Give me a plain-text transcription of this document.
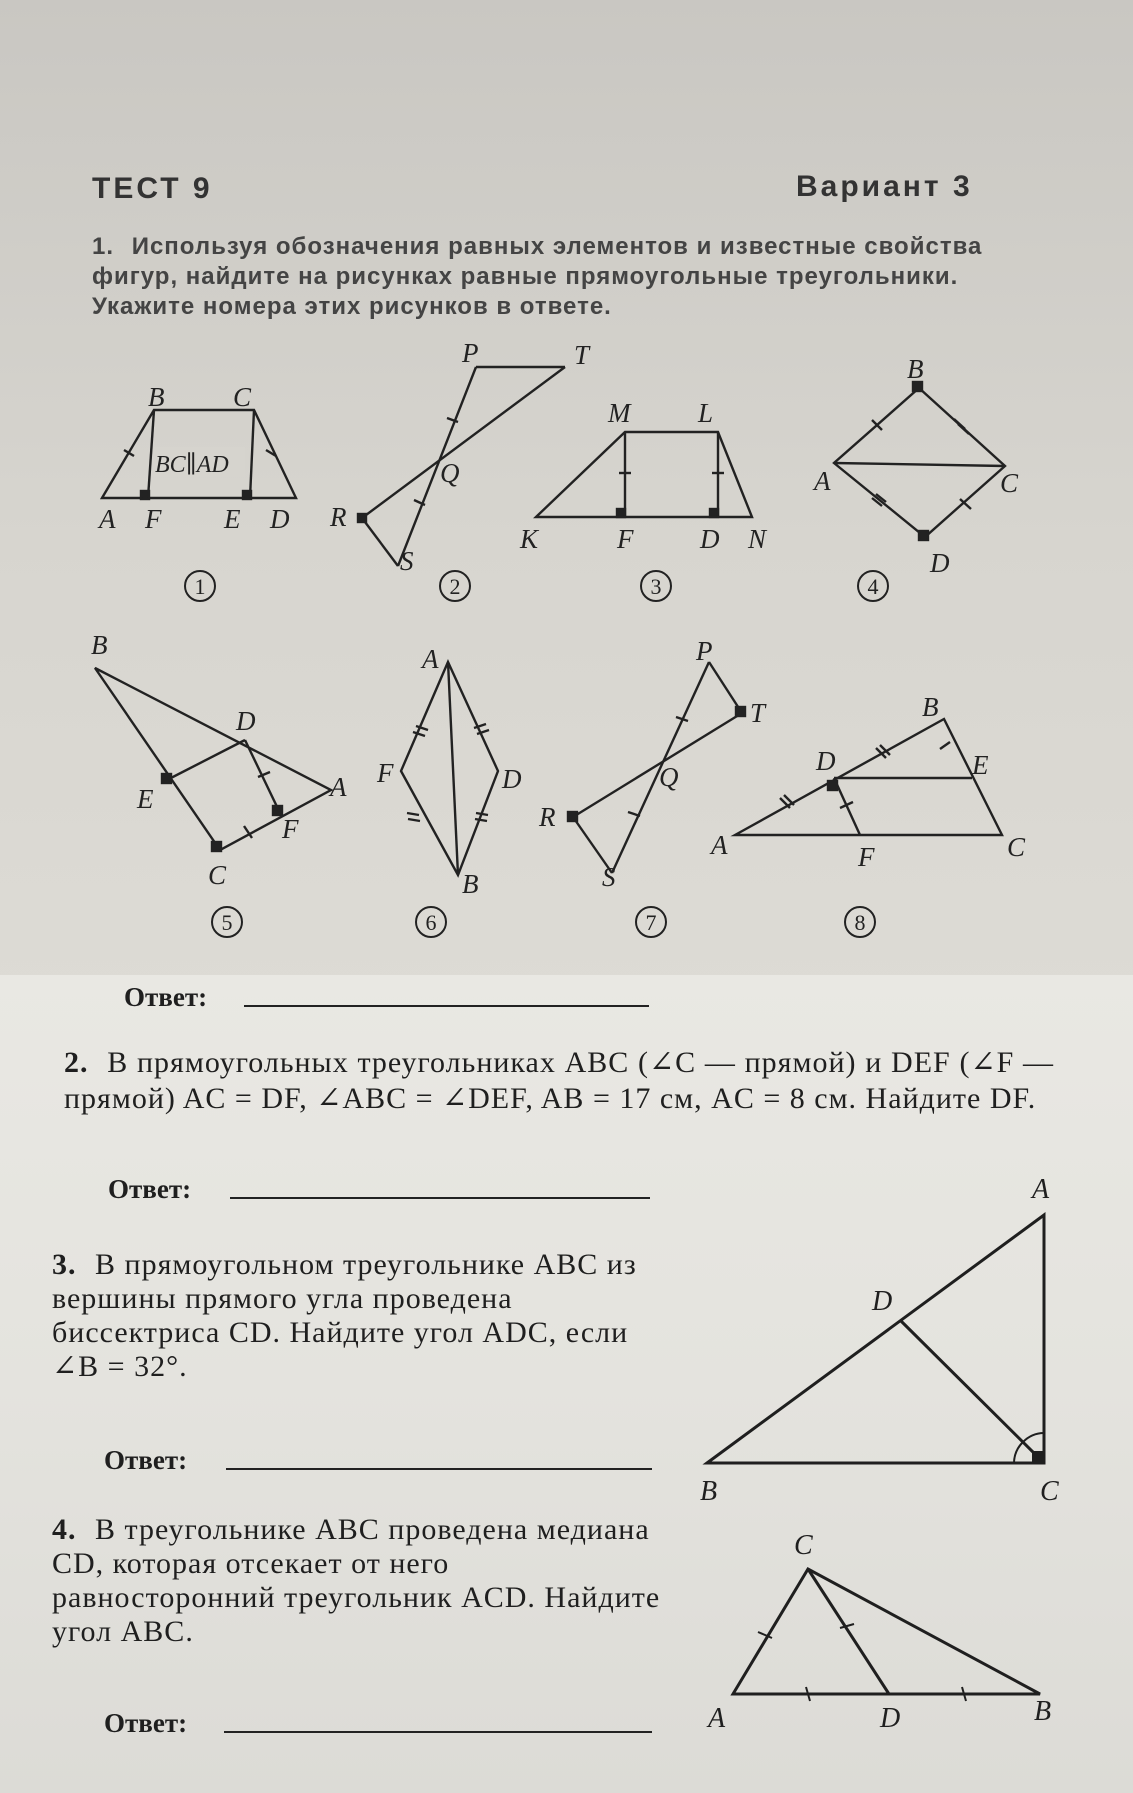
ТЕСТ 9	Вариант 3
1. Используя обозначения равных элементов и известные свойства фигур, найдите на рисунках равные прямоугольные треугольники. Укажите номера этих рисунков в ответе.
B	C
A F E D
P	T
Q
R
S
M	L
K	F D N
B
A	C
D
B
D
E	A
F
C
A
F	D
B
P
T
Q
R
S
B
D	E
A	F	C
BC∥AD
1	2	3	4
5	6	7	8
Ответ:
2. В прямоугольных треугольниках ABC (∠C — прямой) и DEF (∠F — прямой) AC = DF, ∠ABC = ∠DEF, AB = 17 см, AC = 8 см. Найдите DF.
Ответ:
3. В прямоугольном треугольнике ABC из вершины прямого угла проведена биссектриса CD. Найдите угол ADC, если ∠B = 32°.
Ответ:
A
D
B	C
4. В треугольнике ABC проведена медиана CD, которая отсекает от него равносторонний треугольник ACD. Найдите угол ABC.
Ответ:
C
A	D	B
